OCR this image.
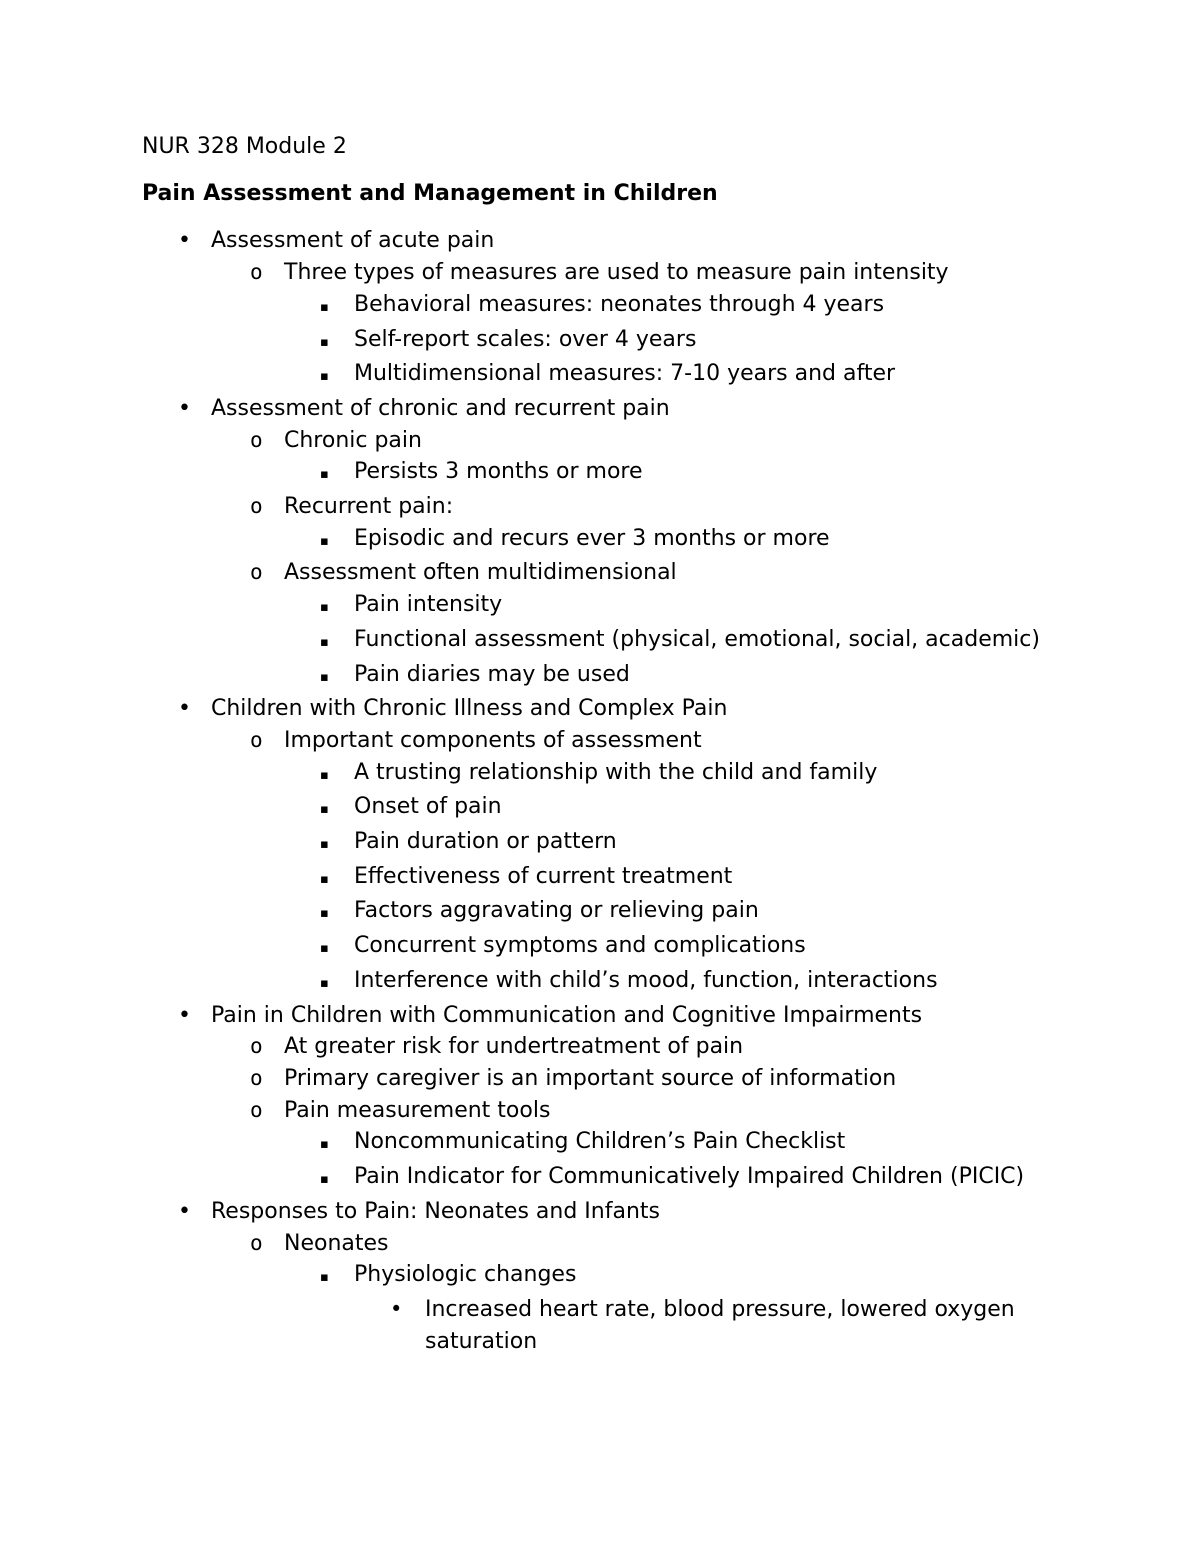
NUR 328 Module 2

Pain Assessment and Management in Children
• Assessment of acute pain
o Three types of measures are used to measure pain intensity
▪	Behavioral measures: neonates through 4 years
▪	Self-report scales: over 4 years
▪	Multidimensional measures: 7-10 years and after
• Assessment of chronic and recurrent pain
o Chronic pain
▪	Persists 3 months or more
o Recurrent pain:
▪	Episodic and recurs ever 3 months or more
o Assessment often multidimensional
▪	Pain intensity
▪	Functional assessment (physical, emotional, social, academic)
▪	Pain diaries may be used
• Children with Chronic Illness and Complex Pain
o Important components of assessment
▪	A trusting relationship with the child and family
▪	Onset of pain
▪	Pain duration or pattern
▪	Effectiveness of current treatment
▪	Factors aggravating or relieving pain
▪	Concurrent symptoms and complications
▪	Interference with child’s mood, function, interactions
• Pain in Children with Communication and Cognitive Impairments
o At greater risk for undertreatment of pain
o Primary caregiver is an important source of information
o Pain measurement tools
▪	Noncommunicating Children’s Pain Checklist
▪	Pain Indicator for Communicatively Impaired Children (PICIC)
• Responses to Pain: Neonates and Infants
o Neonates
▪	Physiologic changes
•	Increased heart rate, blood pressure, lowered oxygen saturation
